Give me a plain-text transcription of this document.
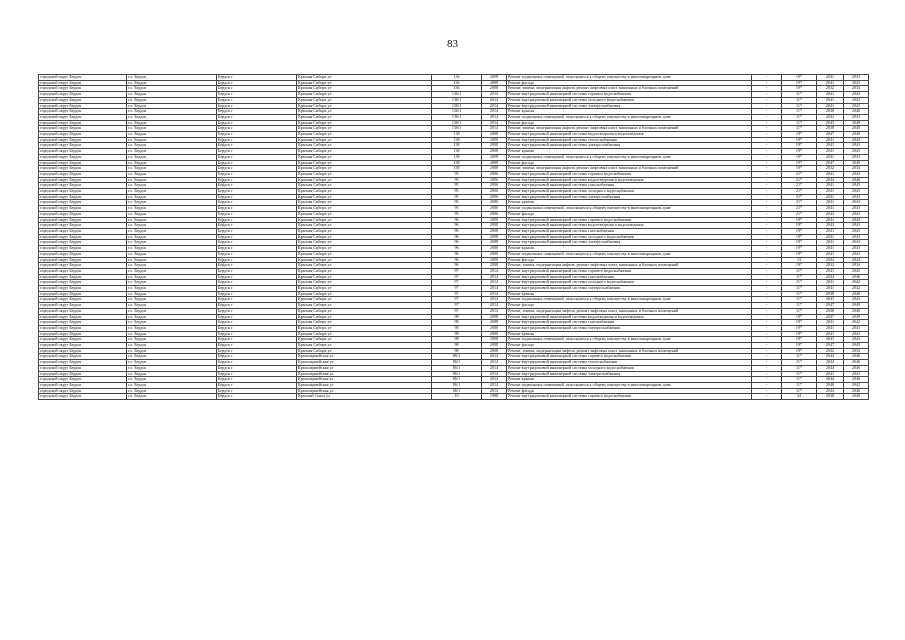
83
городской округ Бердск	г.о. Бердск	Бердск г	Красная Сибирь ул	136	2008	Ремонт подвальных помещений, относящихся к общему имуществу в многоквартирном доме	-	19*	2041	2043
городской округ Бердск	г.о. Бердск	Бердск г	Красная Сибирь ул	136	2008	Ремонт фасада	-	19*	2041	2043
городской округ Бердск	г.о. Бердск	Бердск г	Красная Сибирь ул	136	2008	Ремонт, замена, модернизация лифтов, ремонт лифтовых шахт, машинных и блочных помещений	-	19*	2032	2034
городской округ Бердск	г.о. Бердск	Бердск г	Красная Сибирь ул	136/1	2014	Ремонт внутридомовой инженерной системы горячего водоснабжения	-	11*	2041	2042
городской округ Бердск	г.о. Бердск	Бердск г	Красная Сибирь ул	136/1	2014	Ремонт внутридомовой инженерной системы холодного водоснабжения	-	11*	2041	2042
городской округ Бердск	г.о. Бердск	Бердск г	Красная Сибирь ул	136/1	2014	Ремонт внутридомовой инженерной системы электроснабжения	-	11*	2041	2043
городской округ Бердск	г.о. Бердск	Бердск г	Красная Сибирь ул	136/1	2014	Ремонт крыши	-	11*	2038	2040
городской округ Бердск	г.о. Бердск	Бердск г	Красная Сибирь ул	136/1	2014	Ремонт подвальных помещений, относящихся к общему имуществу в многоквартирном доме	-	11*	2042	2043
городской округ Бердск	г.о. Бердск	Бердск г	Красная Сибирь ул	136/1	2014	Ремонт фасада	-	11*	2043	2049
городской округ Бердск	г.о. Бердск	Бердск г	Красная Сибирь ул	136/1	2014	Ремонт, замена, модернизация лифтов, ремонт лифтовых шахт, машинных и блочных помещений	-	11*	2038	2040
городской округ Бердск	г.о. Бердск	Бердск г	Красная Сибирь ул	138	2008	Ремонт внутридомовой инженерной системы водоотведения и водоотведения	-	19*	2047	2049
городской округ Бердск	г.о. Бердск	Бердск г	Красная Сибирь ул	138	2008	Ремонт внутридомовой инженерной системы теплоснабжения	-	19*	2041	2043
городской округ Бердск	г.о. Бердск	Бердск г	Красная Сибирь ул	138	2008	Ремонт внутридомовой инженерной системы электроснабжения	-	19*	2041	2043
городской округ Бердск	г.о. Бердск	Бердск г	Красная Сибирь ул	138	2008	Ремонт крыши	-	19*	2041	2043
городской округ Бердск	г.о. Бердск	Бердск г	Красная Сибирь ул	138	2008	Ремонт подвальных помещений, относящихся к общему имуществу в многоквартирном доме	-	19*	2041	2043
городской округ Бердск	г.о. Бердск	Бердск г	Красная Сибирь ул	138	2008	Ремонт фасада	-	19*	2047	2049
городской округ Бердск	г.о. Бердск	Бердск г	Красная Сибирь ул	138	2008	Ремонт, замена, модернизация лифтов, ремонт лифтовых шахт, машинных и блочных помещений	-	19*	2032	2034
городской округ Бердск	г.о. Бердск	Бердск г	Красная Сибирь ул	95	2006	Ремонт внутридомовой инженерной системы горячего водоснабжения	-	21*	2041	2043
городской округ Бердск	г.о. Бердск	Бердск г	Красная Сибирь ул	95	2006	Ремонт внутридомовой инженерной системы водоотведения и водоотведения	-	21*	2044	2046
городской округ Бердск	г.о. Бердск	Бердск г	Красная Сибирь ул	95	2006	Ремонт внутридомовой инженерной системы газоснабжения	-	21*	2041	2043
городской округ Бердск	г.о. Бердск	Бердск г	Красная Сибирь ул	95	2006	Ремонт внутридомовой инженерной системы холодного водоснабжения	-	21*	2041	2043
городской округ Бердск	г.о. Бердск	Бердск г	Красная Сибирь ул	95	2006	Ремонт внутридомовой инженерной системы электроснабжения	-	21*	2041	2043
городской округ Бердск	г.о. Бердск	Бердск г	Красная Сибирь ул	95	2006	Ремонт крыши	-	21*	2041	2043
городской округ Бердск	г.о. Бердск	Бердск г	Красная Сибирь ул	95	2006	Ремонт подвальных помещений, относящихся к общему имуществу в многоквартирном доме	-	21*	2041	2043
городской округ Бердск	г.о. Бердск	Бердск г	Красная Сибирь ул	95	2006	Ремонт фасада	-	21*	2042	2043
городской округ Бердск	г.о. Бердск	Бердск г	Красная Сибирь ул	96	2008	Ремонт внутридомовой инженерной системы горячего водоснабжения	-	19*	2041	2043
городской округ Бердск	г.о. Бердск	Бердск г	Красная Сибирь ул	96	2008	Ремонт внутридомовой инженерной системы водоотведения и водоотведения	-	19*	2043	2043
городской округ Бердск	г.о. Бердск	Бердск г	Красная Сибирь ул	96	2008	Ремонт внутридомовой инженерной системы газоснабжения	-	19*	2041	2043
городской округ Бердск	г.о. Бердск	Бердск г	Красная Сибирь ул	96	2008	Ремонт внутридомовой инженерной системы холодного водоснабжения	-	19*	2041	2043
городской округ Бердск	г.о. Бердск	Бердск г	Красная Сибирь ул	96	2008	Ремонт внутридомовой инженерной системы электроснабжения	-	19*	2041	2043
городской округ Бердск	г.о. Бердск	Бердск г	Красная Сибирь ул	96	2008	Ремонт крыши	-	19*	2041	2043
городской округ Бердск	г.о. Бердск	Бердск г	Красная Сибирь ул	96	2008	Ремонт подвальных помещений, относящихся к общему имуществу в многоквартирном доме	-	19*	2041	2043
городской округ Бердск	г.о. Бердск	Бердск г	Красная Сибирь ул	96	2008	Ремонт фасада	-	13	2042	2044
городской округ Бердск	г.о. Бердск	Бердск г	Красная Сибирь ул	96	2008	Ремонт, замена, модернизация лифтов, ремонт лифтовых шахт, машинных и блочных помещений	-	19*	2032	2034
городской округ Бердск	г.о. Бердск	Бердск г	Красная Сибирь ул	97	2014	Ремонт внутридомовой инженерной системы горячего водоснабжения	-	11*	2041	2042
городской округ Бердск	г.о. Бердск	Бердск г	Красная Сибирь ул	97	2014	Ремонт внутридомовой инженерной системы газоснабжения	-	11*	2044	2046
городской округ Бердск	г.о. Бердск	Бердск г	Красная Сибирь ул	97	2014	Ремонт внутридомовой инженерной системы холодного водоснабжения	-	11*	2041	2042
городской округ Бердск	г.о. Бердск	Бердск г	Красная Сибирь ул	97	2014	Ремонт внутридомовой инженерной системы электроснабжения	-	11*	2041	2042
городской округ Бердск	г.о. Бердск	Бердск г	Красная Сибирь ул	97	2014	Ремонт крыши	-	11*	2038	2040
городской округ Бердск	г.о. Бердск	Бердск г	Красная Сибирь ул	97	2014	Ремонт подвальных помещений, относящихся к общему имуществу в многоквартирном доме	-	11*	2041	2043
городской округ Бердск	г.о. Бердск	Бердск г	Красная Сибирь ул	97	2014	Ремонт фасада	-	11*	2047	2049
городской округ Бердск	г.о. Бердск	Бердск г	Красная Сибирь ул	97	2014	Ремонт, замена, модернизация лифтов, ремонт лифтовых шахт, машинных и блочных помещений	-	11*	2038	2040
городской округ Бердск	г.о. Бердск	Бердск г	Красная Сибирь ул	98	2008	Ремонт внутридомовой инженерной системы водоотведения и водоотведения	-	19*	2047	2049
городской округ Бердск	г.о. Бердск	Бердск г	Красная Сибирь ул	98	2008	Ремонт внутридомовой инженерной системы газоснабжения	-	19*	2041	2042
городской округ Бердск	г.о. Бердск	Бердск г	Красная Сибирь ул	98	2008	Ремонт внутридомовой инженерной системы электроснабжения	-	19*	2041	2043
городской округ Бердск	г.о. Бердск	Бердск г	Красная Сибирь ул	98	2008	Ремонт крыши	-	19*	2041	2043
городской округ Бердск	г.о. Бердск	Бердск г	Красная Сибирь ул	98	2008	Ремонт подвальных помещений, относящихся к общему имуществу в многоквартирном доме	-	19*	2041	2043
городской округ Бердск	г.о. Бердск	Бердск г	Красная Сибирь ул	98	2008	Ремонт фасада	-	19*	2047	2049
городской округ Бердск	г.о. Бердск	Бердск г	Красная Сибирь ул	98	2008	Ремонт, замена, модернизация лифтов, ремонт лифтовых шахт, машинных и блочных помещений	-	19*	2032	2034
городской округ Бердск	г.о. Бердск	Бердск г	Красноармейская ул	86/1	2014	Ремонт внутридомовой инженерной системы горячего водоснабжения	-	11*	2044	2046
городской округ Бердск	г.о. Бердск	Бердск г	Красноармейская ул	86/1	2014	Ремонт внутридомовой инженерной системы теплоснабжения	-	11*	2044	2046
городской округ Бердск	г.о. Бердск	Бердск г	Красноармейская ул	86/1	2014	Ремонт внутридомовой инженерной системы холодного водоснабжения	-	11*	2044	2046
городской округ Бердск	г.о. Бердск	Бердск г	Красноармейская ул	86/1	2014	Ремонт внутридомовой инженерной системы электроснабжения	-	11*	2041	2043
городской округ Бердск	г.о. Бердск	Бердск г	Красноармейская ул	86/1	2014	Ремонт крыши	-	11*	2044	2046
городской округ Бердск	г.о. Бердск	Бердск г	Красноармейская ул	86/1	2014	Ремонт подвальных помещений, относящихся к общему имуществу в многоквартирном доме	-	11*	2040	2042
городской округ Бердск	г.о. Бердск	Бердск г	Красноармейская ул	86/1	2014	Ремонт фасада	-	11*	2044	2046
городской округ Бердск	г.о. Бердск	Бердск г	Красный Сокол ул	10	1988	Ремонт внутридомовой инженерной системы горячего водоснабжения	-	34	2038	2040
